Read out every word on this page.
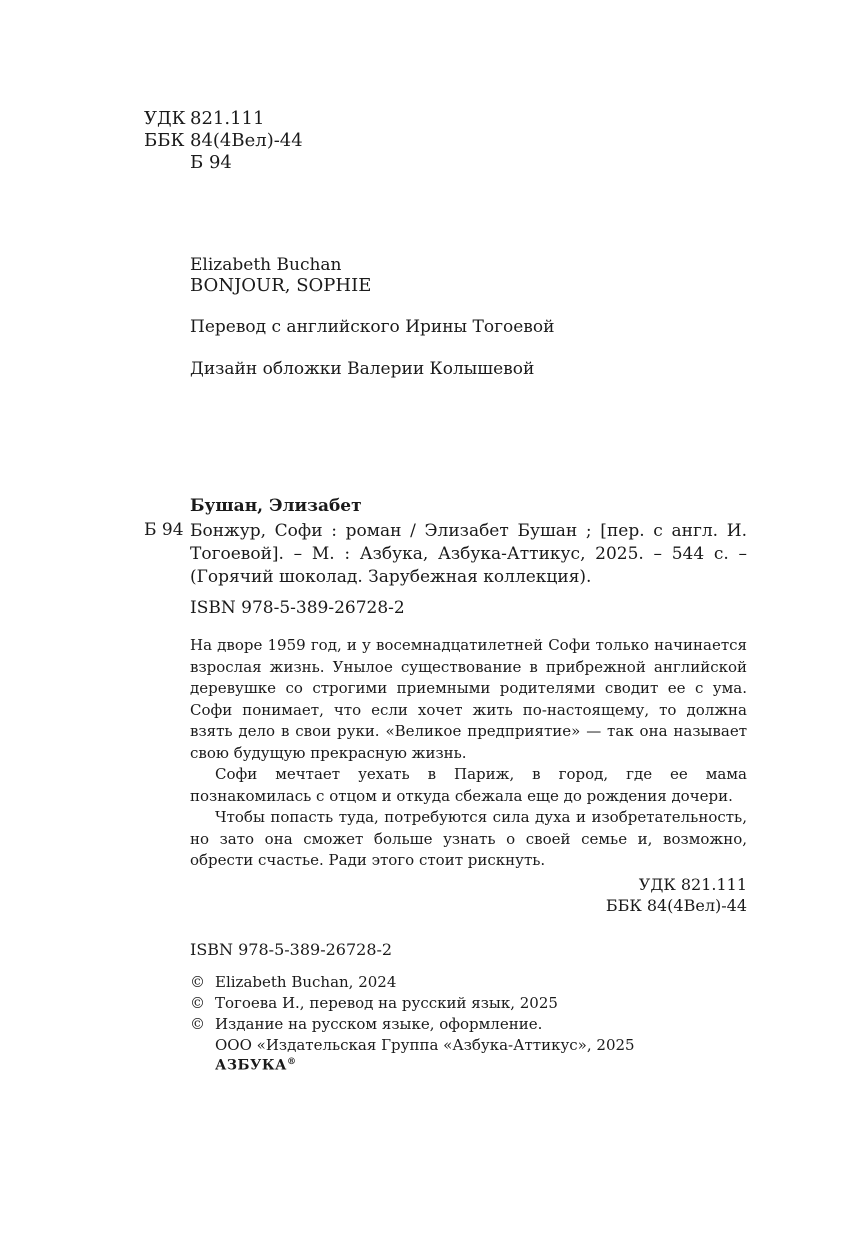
УДК 821.111
ББК 84(4Вел)-44
Б 94
Elizabeth Buchan
BONJOUR, SOPHIE
Перевод с английского Ирины Тогоевой
Дизайн обложки Валерии Колышевой
Бушан, Элизабет
Б 94 Бонжур, Софи : роман / Элизабет Бушан ; [пер. с англ. И. Тогоевой]. – М. : Азбука, Азбука-Аттикус, 2025. – 544 с. – (Горячий шоколад. Зарубежная коллекция).
ISBN 978-5-389-26728-2

На дворе 1959 год, и у восемнадцатилетней Софи только начинается взрослая жизнь. Унылое существование в прибрежной английской деревушке со строгими приемными родителями сводит ее с ума. Софи понимает, что если хочет жить по-настоящему, то должна взять дело в свои руки. «Великое предприятие» — так она называет свою будущую прекрасную жизнь.

Софи мечтает уехать в Париж, в город, где ее мама познакомилась с отцом и откуда сбежала еще до рождения дочери.

Чтобы попасть туда, потребуются сила духа и изобретательность, но зато она сможет больше узнать о своей семье и, возможно, обрести счастье. Ради этого стоит рискнуть.

УДК 821.111
ББК 84(4Вел)-44
ISBN 978-5-389-26728-2
© Elizabeth Buchan, 2024
© Тогоева И., перевод на русский язык, 2025
© Издание на русском языке, оформление.
ООО «Издательская Группа «Азбука-Аттикус», 2025
АЗБУКА®
